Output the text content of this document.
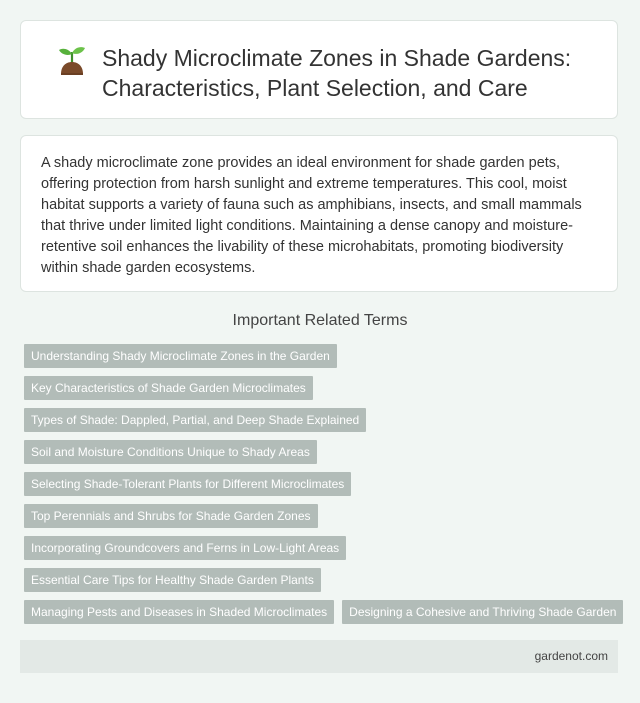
Shady Microclimate Zones in Shade Gardens: Characteristics, Plant Selection, and Care

A shady microclimate zone provides an ideal environment for shade garden pets, offering protection from harsh sunlight and extreme temperatures. This cool, moist habitat supports a variety of fauna such as amphibians, insects, and small mammals that thrive under limited light conditions. Maintaining a dense canopy and moisture-retentive soil enhances the livability of these microhabitats, promoting biodiversity within shade garden ecosystems.

Important Related Terms
Understanding Shady Microclimate Zones in the Garden
Key Characteristics of Shade Garden Microclimates
Types of Shade: Dappled, Partial, and Deep Shade Explained
Soil and Moisture Conditions Unique to Shady Areas
Selecting Shade-Tolerant Plants for Different Microclimates
Top Perennials and Shrubs for Shade Garden Zones
Incorporating Groundcovers and Ferns in Low-Light Areas
Essential Care Tips for Healthy Shade Garden Plants
Managing Pests and Diseases in Shaded Microclimates	Designing a Cohesive and Thriving Shade Garden
gardenot.com
